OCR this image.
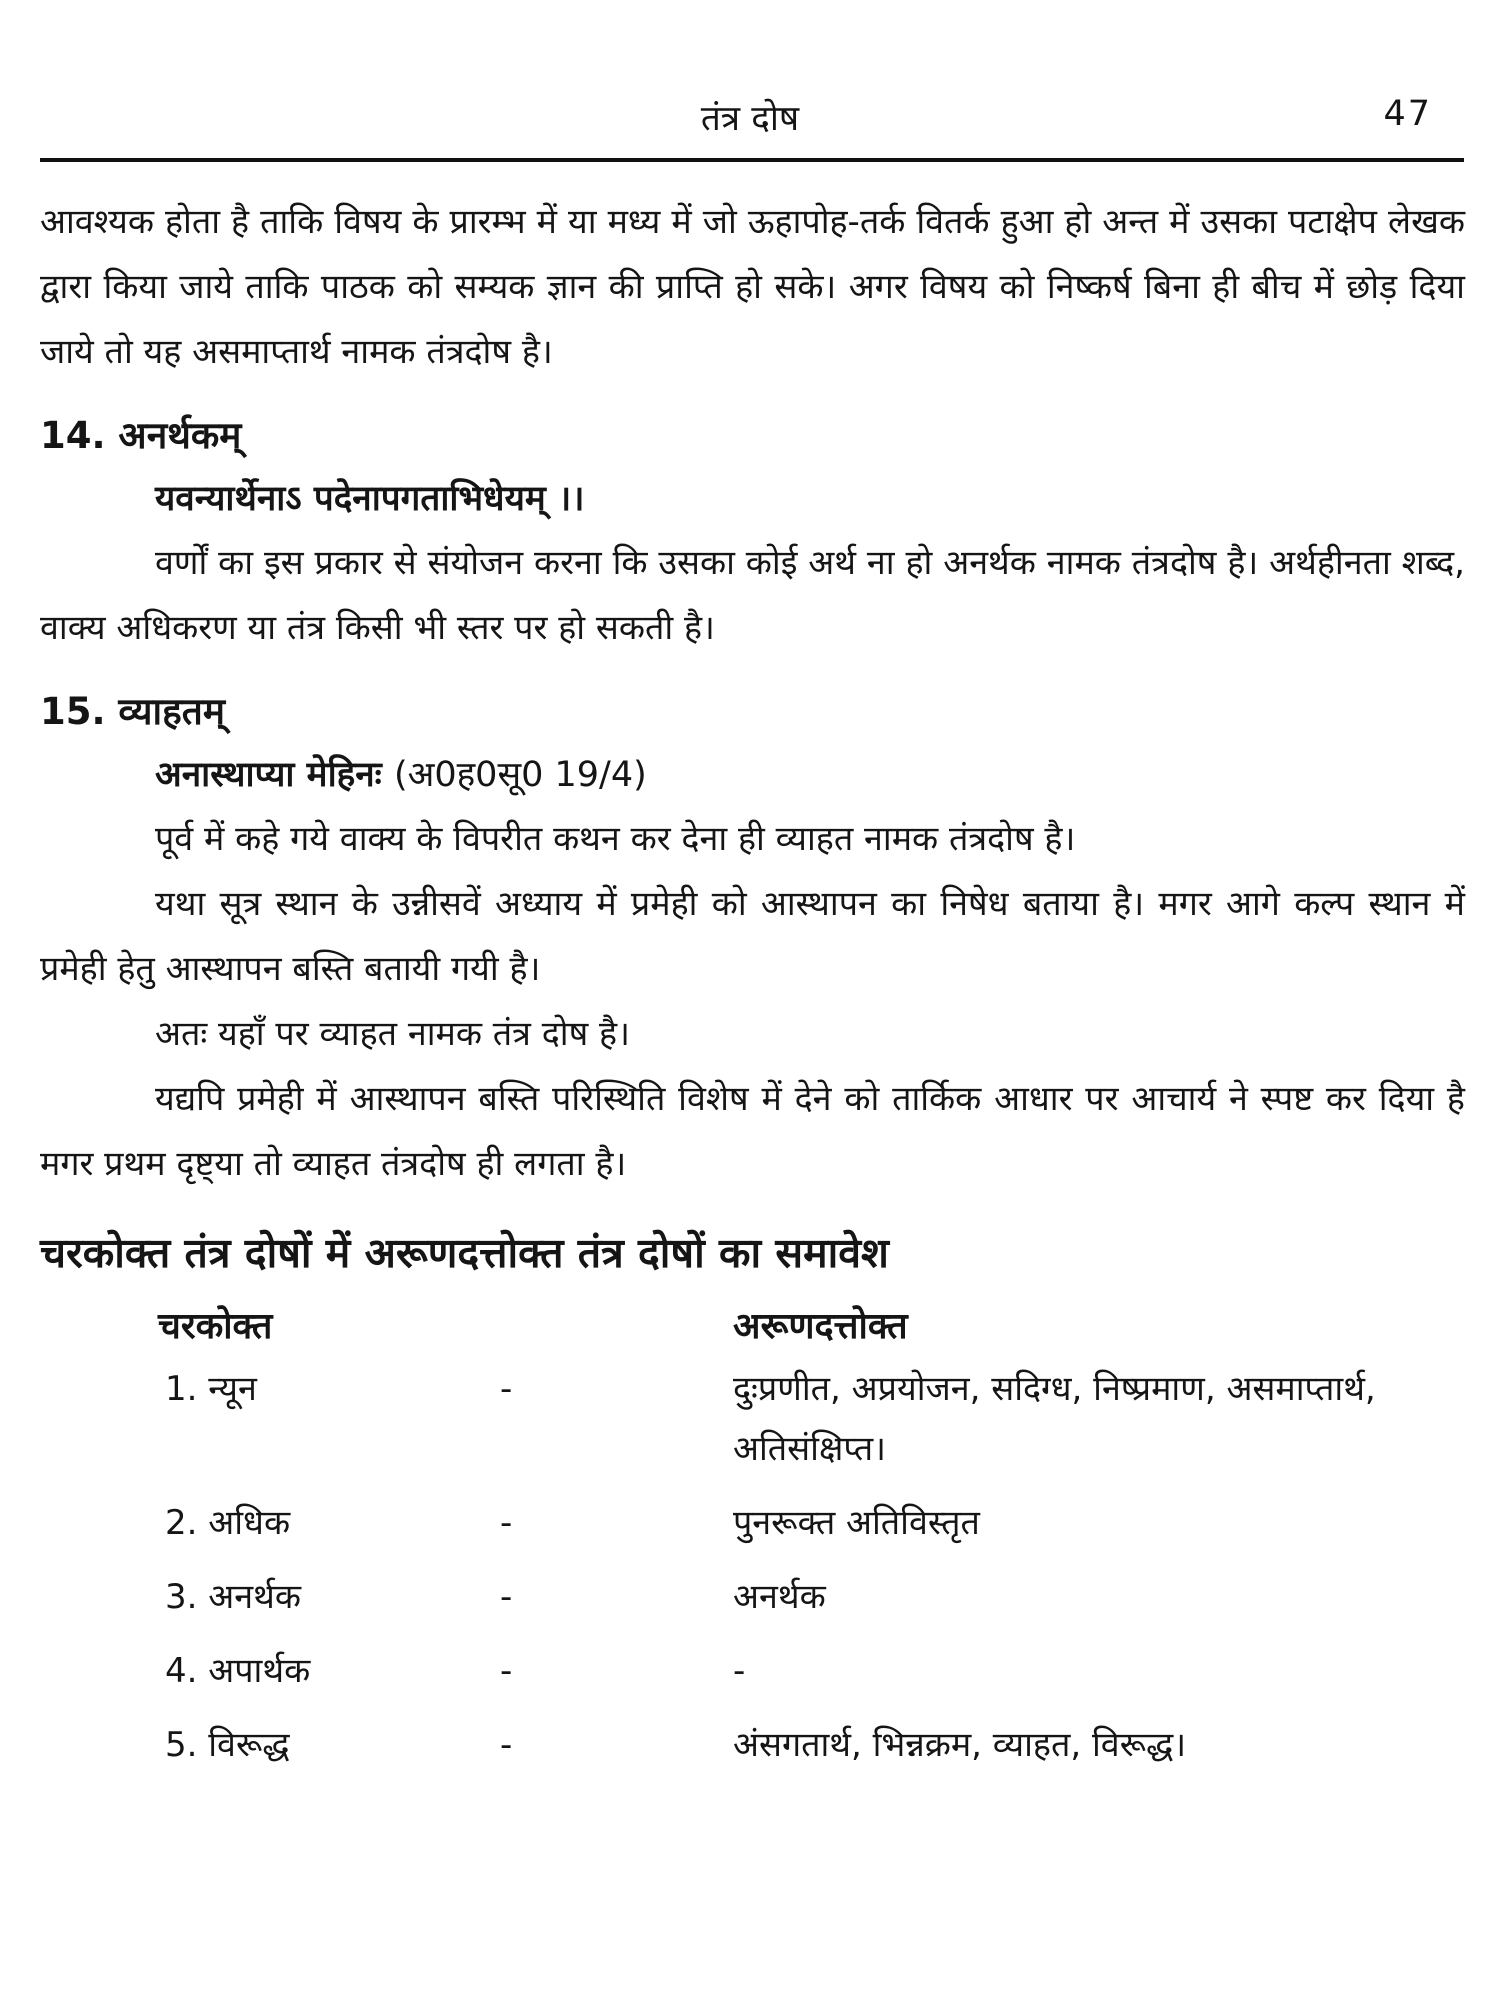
तंत्र दोष	47

आवश्यक होता है ताकि विषय के प्रारम्भ में या मध्य में जो ऊहापोह-तर्क वितर्क हुआ हो अन्त में उसका पटाक्षेप लेखक द्वारा किया जाये ताकि पाठक को सम्यक ज्ञान की प्राप्ति हो सके। अगर विषय को निष्कर्ष बिना ही बीच में छोड़ दिया जाये तो यह असमाप्तार्थ नामक तंत्रदोष है।

14. अनर्थकम्

यवन्यार्थेनाऽ पदेनापगताभिधेयम् ।।

वर्णों का इस प्रकार से संयोजन करना कि उसका कोई अर्थ ना हो अनर्थक नामक तंत्रदोष है। अर्थहीनता शब्द, वाक्य अधिकरण या तंत्र किसी भी स्तर पर हो सकती है।

15. व्याहतम्

अनास्थाप्या मेहिनः (अ0ह0सू0 19/4)

पूर्व में कहे गये वाक्य के विपरीत कथन कर देना ही व्याहत नामक तंत्रदोष है।

यथा सूत्र स्थान के उन्नीसवें अध्याय में प्रमेही को आस्थापन का निषेध बताया है। मगर आगे कल्प स्थान में प्रमेही हेतु आस्थापन बस्ति बतायी गयी है।

अतः यहाँ पर व्याहत नामक तंत्र दोष है।

यद्यपि प्रमेही में आस्थापन बस्ति परिस्थिति विशेष में देने को तार्किक आधार पर आचार्य ने स्पष्ट कर दिया है मगर प्रथम दृष्ट्या तो व्याहत तंत्रदोष ही लगता है।

चरकोक्त तंत्र दोषों में अरूणदत्तोक्त तंत्र दोषों का समावेश

चरकोक्त	अरूणदत्तोक्त
1. न्यून	-	दुःप्रणीत, अप्रयोजन, सदिग्ध, निष्प्रमाण, असमाप्तार्थ, अतिसंक्षिप्त।
2. अधिक	-	पुनरूक्त अतिविस्तृत
3. अनर्थक	-	अनर्थक
4. अपार्थक	-	-
5. विरूद्ध	-	अंसगतार्थ, भिन्नक्रम, व्याहत, विरूद्ध।
